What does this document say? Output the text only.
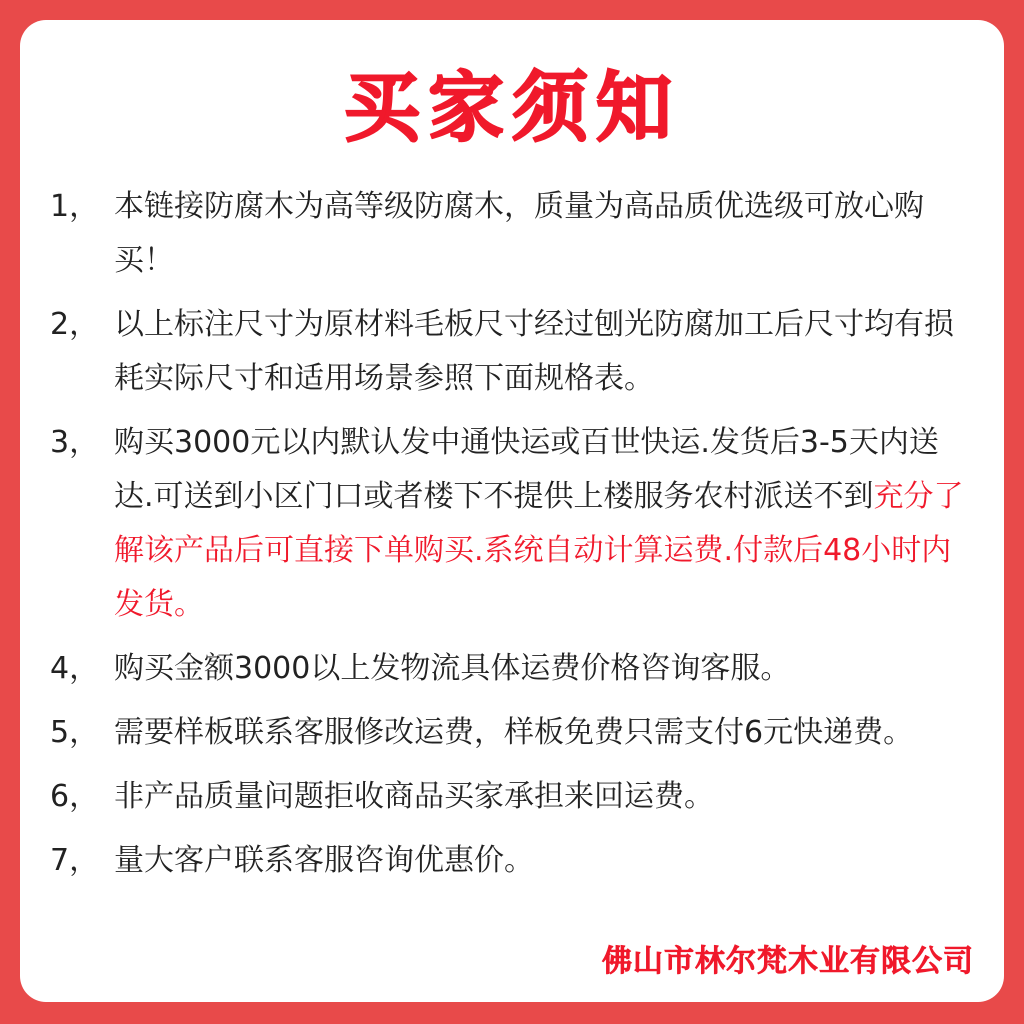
买家须知
1， 本链接防腐木为高等级防腐木，质量为高品质优选级可放心购买！
2， 以上标注尺寸为原材料毛板尺寸经过刨光防腐加工后尺寸均有损耗实际尺寸和适用场景参照下面规格表。
3， 购买3000元以内默认发中通快运或百世快运.发货后3-5天内送达.可送到小区门口或者楼下不提供上楼服务农村派送不到充分了解该产品后可直接下单购买.系统自动计算运费.付款后48小时内发货。
4， 购买金额3000以上发物流具体运费价格咨询客服。
5， 需要样板联系客服修改运费，样板免费只需支付6元快递费。
6， 非产品质量问题拒收商品买家承担来回运费。
7， 量大客户联系客服咨询优惠价。
佛山市林尔梵木业有限公司
